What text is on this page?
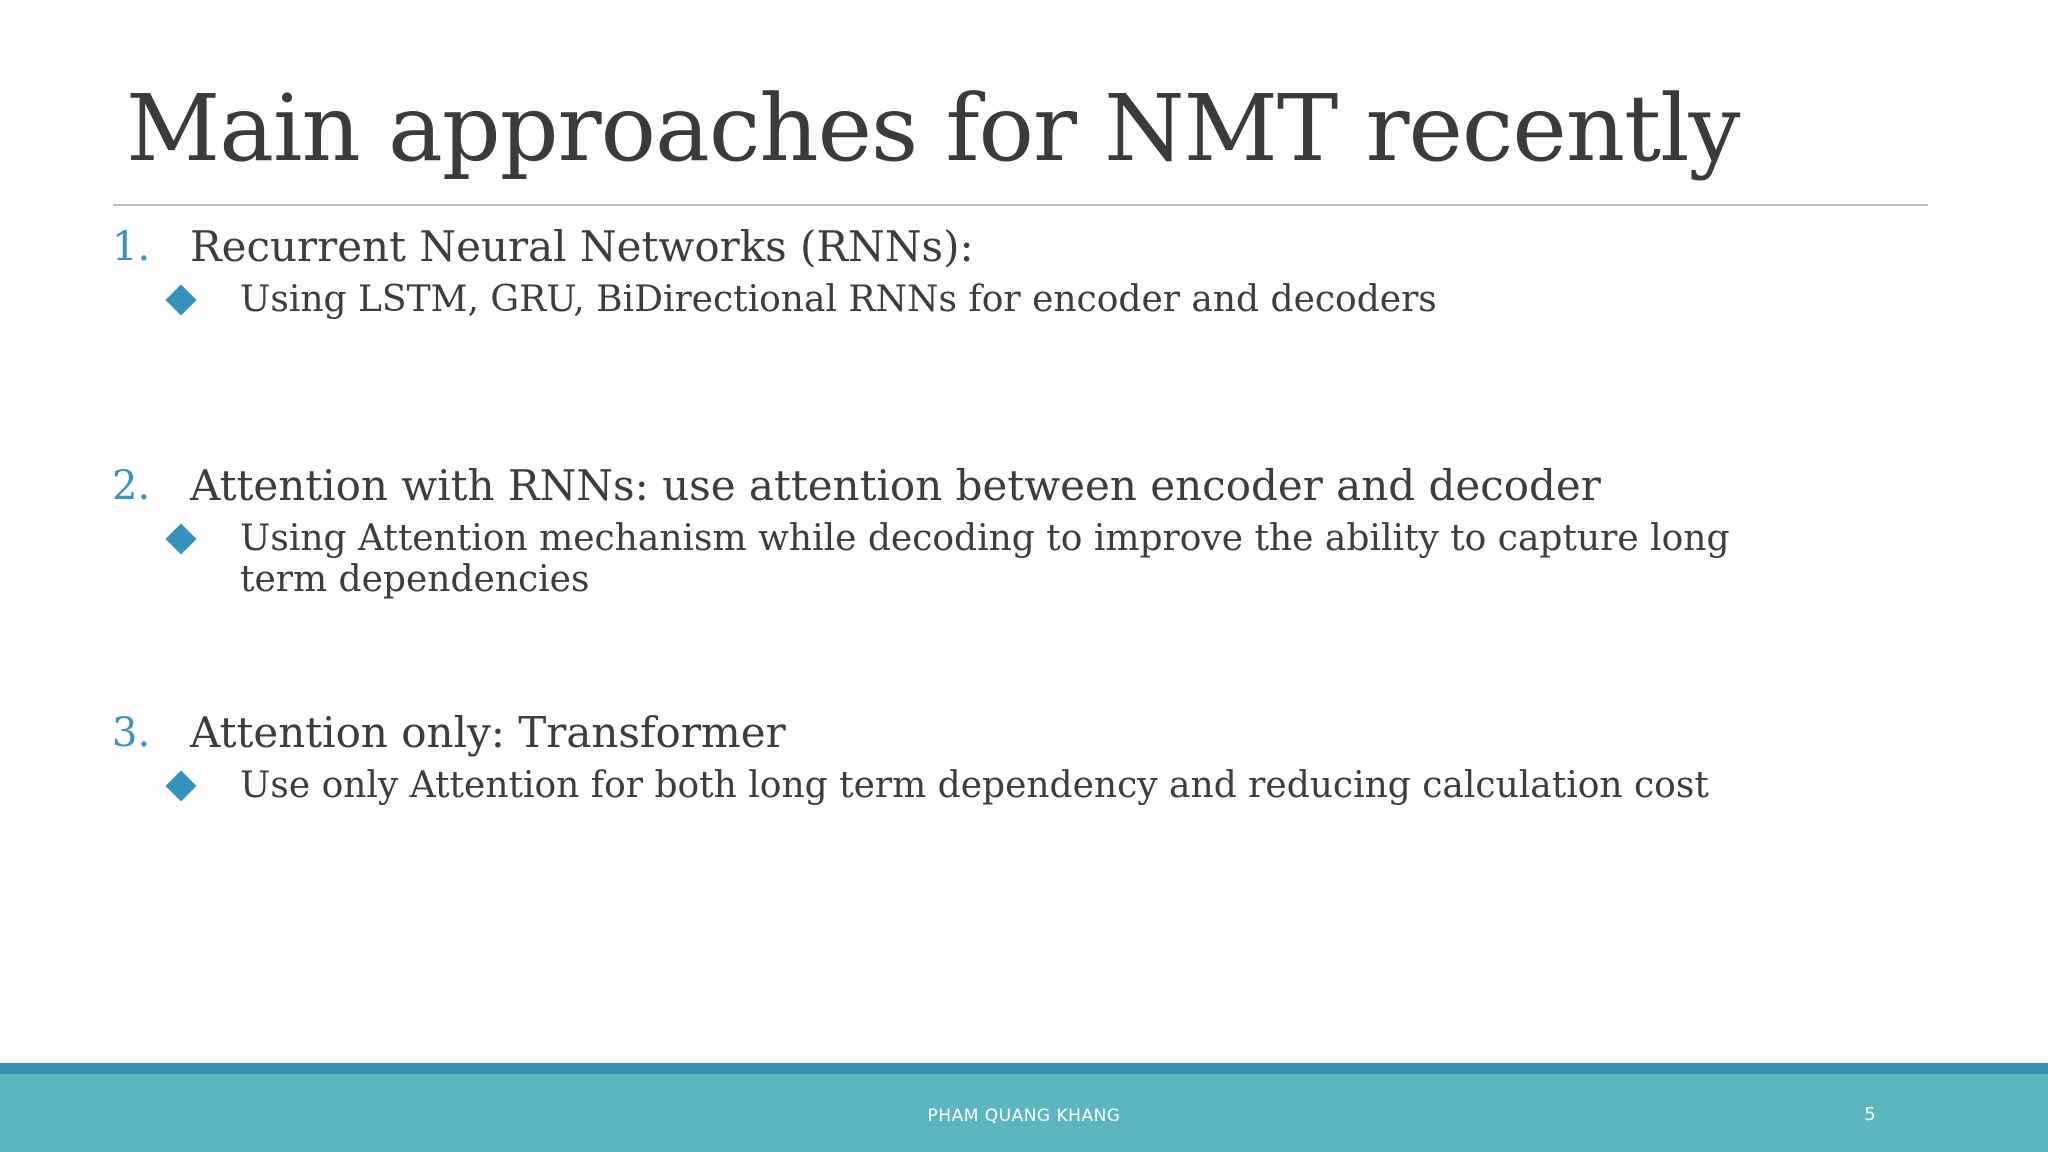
Main approaches for NMT recently
1. Recurrent Neural Networks (RNNs):
Using LSTM, GRU, BiDirectional RNNs for encoder and decoders
2. Attention with RNNs: use attention between encoder and decoder
Using Attention mechanism while decoding to improve the ability to capture long term dependencies
3. Attention only: Transformer
Use only Attention for both long term dependency and reducing calculation cost
PHAM QUANG KHANG	5
